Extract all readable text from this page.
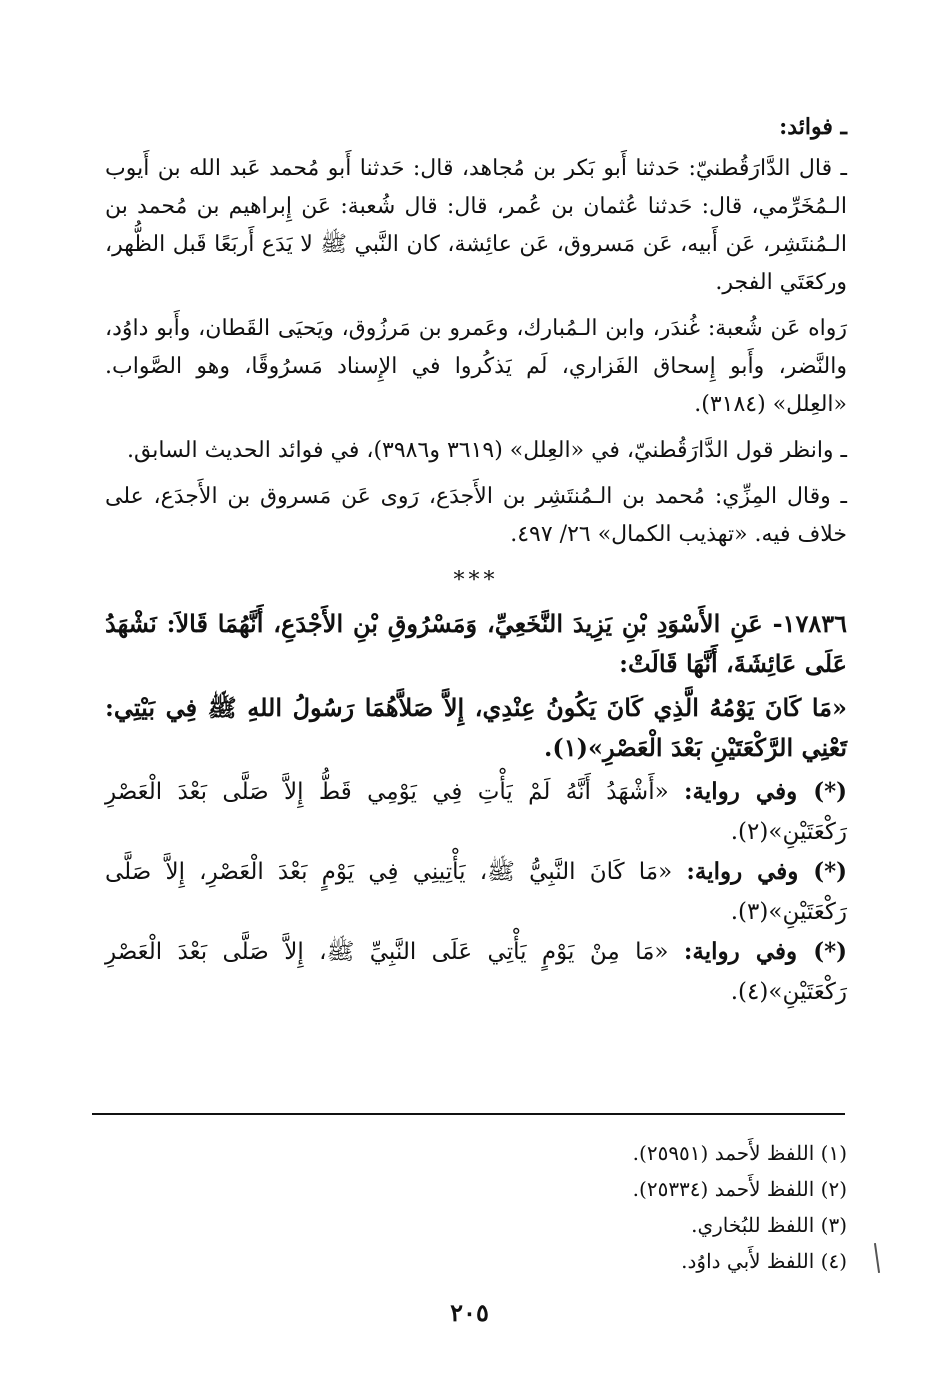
ـ فوائد:

ـ قال الدَّارَقُطنيّ: حَدثنا أَبو بَكر بن مُجاهد، قال: حَدثنا أَبو مُحمد عَبد الله بن أَيوب الـمُخَرِّمي، قال: حَدثنا عُثمان بن عُمر، قال: قال شُعبة: عَن إِبراهيم بن مُحمد بن الـمُنتَشِر، عَن أَبيه، عَن مَسروق، عَن عائِشة، كان النَّبي ﷺ لا يَدَع أَربَعًا قَبل الظُّهر، وركعَتَي الفجر.

رَواه عَن شُعبة: غُندَر، وابن الـمُبارك، وعَمرو بن مَرزُوق، ويَحيَى القَطان، وأَبو داوُد، والنَّضر، وأَبو إِسحاق الفَزاري، لَم يَذكُروا في الإِسناد مَسرُوقًا، وهو الصَّواب. «العِلل» (٣١٨٤).

ـ وانظر قول الدَّارَقُطنيّ، في «العِلل» (٣٦١٩ و٣٩٨٦)، في فوائد الحديث السابق.

ـ وقال المِزِّي: مُحمد بن الـمُنتَشِر بن الأَجدَع، رَوى عَن مَسروق بن الأَجدَع، على خلاف فيه. «تهذيب الكمال» ٢٦/ ٤٩٧.

***

١٧٨٣٦- عَنِ الأَسْوَدِ بْنِ يَزِيدَ النَّخَعِيِّ، وَمَسْرُوقِ بْنِ الأَجْدَعِ، أَنَّهُمَا قَالاَ: نَشْهَدُ عَلَى عَائِشَةَ، أَنَّهَا قَالَتْ:

«مَا كَانَ يَوْمُهُ الَّذِي كَانَ يَكُونُ عِنْدِي، إِلاَّ صَلاَّهُمَا رَسُولُ اللهِ ﷺ فِي بَيْتِي: تَعْنِي الرَّكْعَتَيْنِ بَعْدَ الْعَصْرِ»(١).

(*) وفي رواية: «أَشْهَدُ أَنَّهُ لَمْ يَأْتِ فِي يَوْمِي قَطُّ إِلاَّ صَلَّى بَعْدَ الْعَصْرِ رَكْعَتَيْنِ»(٢).

(*) وفي رواية: «مَا كَانَ النَّبِيُّ ﷺ، يَأْتِينِي فِي يَوْمٍ بَعْدَ الْعَصْرِ، إِلاَّ صَلَّى رَكْعَتَيْنِ»(٣).

(*) وفي رواية: «مَا مِنْ يَوْمٍ يَأْتِي عَلَى النَّبِيِّ ﷺ، إِلاَّ صَلَّى بَعْدَ الْعَصْرِ رَكْعَتَيْنِ»(٤).

(١) اللفظ لأَحمد (٢٥٩٥١).

(٢) اللفظ لأَحمد (٢٥٣٣٤).

(٣) اللفظ للبُخاري.

(٤) اللفظ لأَبي داوُد.

٢٠٥
